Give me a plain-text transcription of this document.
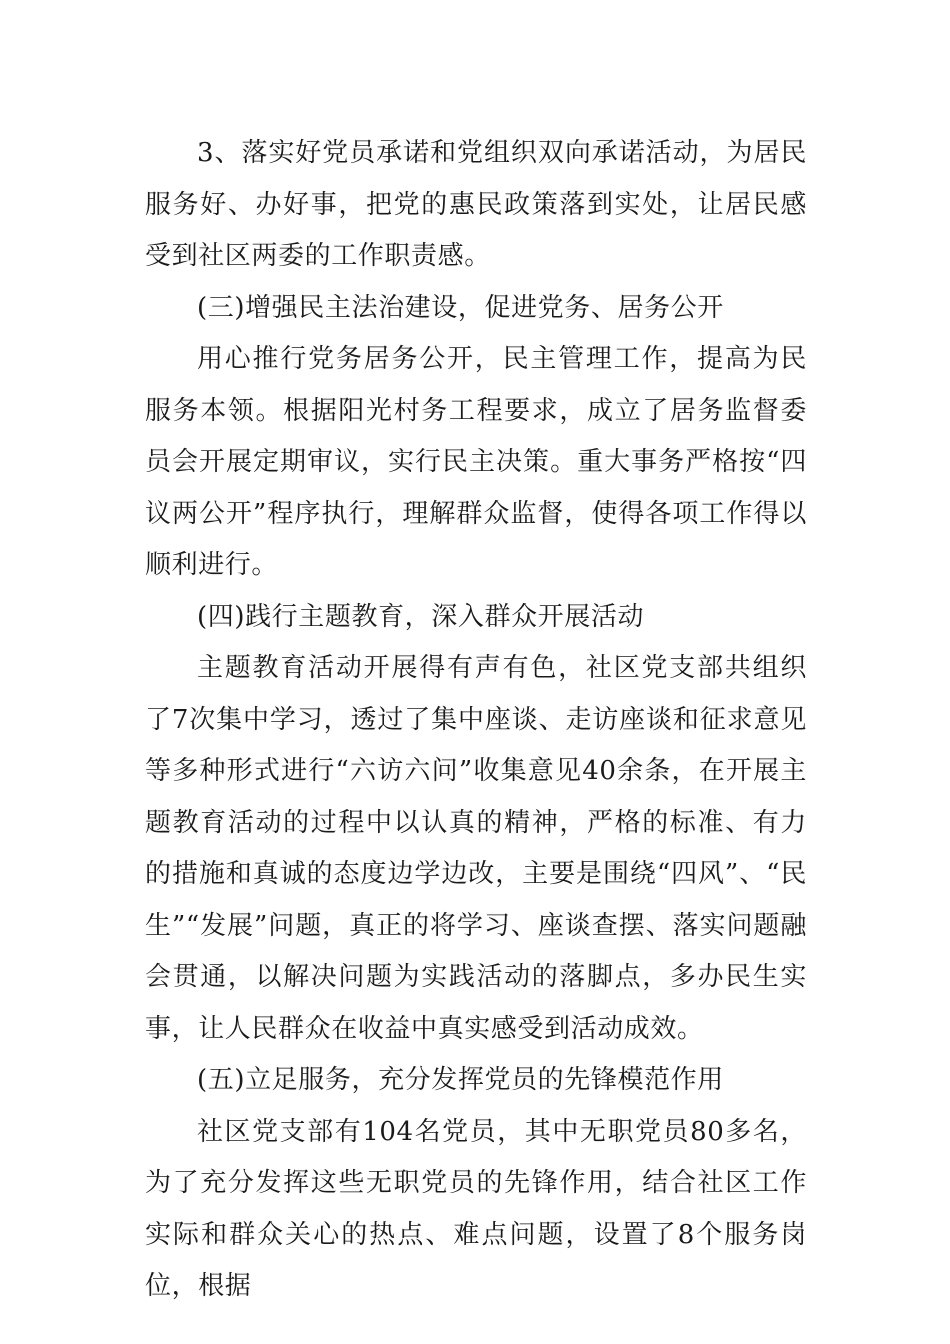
3、落实好党员承诺和党组织双向承诺活动，为居民服务好、办好事，把党的惠民政策落到实处，让居民感受到社区两委的工作职责感。

(三)增强民主法治建设，促进党务、居务公开

用心推行党务居务公开，民主管理工作，提高为民服务本领。根据阳光村务工程要求，成立了居务监督委员会开展定期审议，实行民主决策。重大事务严格按“四议两公开”程序执行，理解群众监督，使得各项工作得以顺利进行。

(四)践行主题教育，深入群众开展活动

主题教育活动开展得有声有色，社区党支部共组织了7次集中学习，透过了集中座谈、走访座谈和征求意见等多种形式进行“六访六问”收集意见40余条，在开展主题教育活动的过程中以认真的精神，严格的标准、有力的措施和真诚的态度边学边改，主要是围绕“四风”、“民生”“发展”问题，真正的将学习、座谈查摆、落实问题融会贯通，以解决问题为实践活动的落脚点，多办民生实事，让人民群众在收益中真实感受到活动成效。

(五)立足服务，充分发挥党员的先锋模范作用

社区党支部有104名党员，其中无职党员80多名，为了充分发挥这些无职党员的先锋作用，结合社区工作实际和群众关心的热点、难点问题，设置了8个服务岗位，根据
